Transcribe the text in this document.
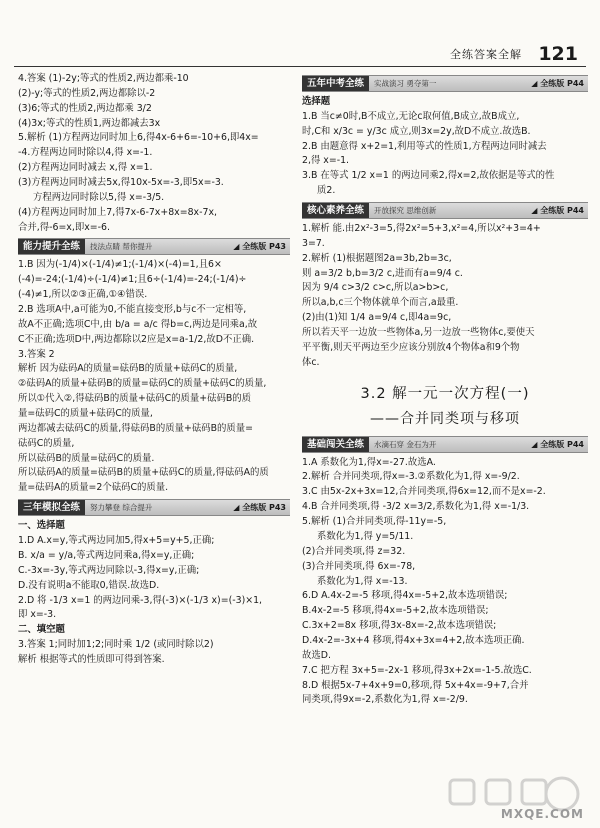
全练答案全解 121

4.答案 (1)-2y;等式的性质2,两边都乘-10

(2)-y;等式的性质2,两边都除以-2

(3)6;等式的性质2,两边都乘 3/2

(4)3x;等式的性质1,两边都减去3x

5.解析 (1)方程两边同时加上6,得4x-6+6=-10+6,即4x=

-4.方程两边同时除以4,得 x=-1.

(2)方程两边同时减去 x,得 x=1.

(3)方程两边同时减去5x,得10x-5x=-3,即5x=-3.

方程两边同时除以5,得 x=-3/5.

(4)方程两边同时加上7,得7x-6-7x+8x=8x-7x,

合并,得-6=x,即x=-6.

能力提升全练 技法点睛 帮你提升	◢ 全练版 P43

1.B 因为(-1/4)×(-1/4)≠1;(-1/4)×(-4)=1,且6×

(-4)=-24;(-1/4)÷(-1/4)≠1;且6÷(-1/4)=-24;(-1/4)÷

(-4)≠1,所以②③正确,①④错误.

2.B 选项A中,a可能为0,不能直接变形,b与c不一定相等,

故A不正确;选项C中,由 b/a = a/c 得b=c,两边是同乘a,故

C不正确;选项D中,两边都除以2应是x=a-1/2,故D不正确.

3.答案 2

解析 因为砝码A的质量=砝码B的质量+砝码C的质量,

②砝码A的质量+砝码B的质量=砝码C的质量+砝码C的质量,

所以①代入②,得砝码B的质量+砝码C的质量+砝码B的质

量=砝码C的质量+砝码C的质量,

两边都减去砝码C的质量,得砝码B的质量+砝码B的质量=

砝码C的质量,

所以砝码B的质量=砝码C的质量.

所以砝码A的质量=砝码B的质量+砝码C的质量,得砝码A的质

量=砝码A的质量=2个砝码C的质量.

三年模拟全练 努力攀登 综合提升	◢ 全练版 P43

一、选择题

1.D A.x=y,等式两边同加5,得x+5=y+5,正确;

B. x/a = y/a,等式两边同乘a,得x=y,正确;

C.-3x=-3y,等式两边同除以-3,得x=y,正确;

D.没有说明a不能取0,错误.故选D.

2.D 将 -1/3 x=1 的两边同乘-3,得(-3)×(-1/3 x)=(-3)×1,

即 x=-3.

二、填空题

3.答案 1;同时加1;2;同时乘 1/2 (或同时除以2)

解析 根据等式的性质即可得到答案.

五年中考全练 实战演习 勇夺第一	◢ 全练版 P44

选择题

1.B 当c≠0时,B不成立,无论c取何值,B成立,故B成立,

时,C和 x/3c = y/3c 成立,则3x=2y,故D不成立.故选B.

2.B 由题意得 x+2=1,利用等式的性质1,方程两边同时减去

2,得 x=-1.

3.B 在等式 1/2 x=1 的两边同乘2,得x=2,故依据是等式的性

质2.

核心素养全练 开放探究 思维创新	◢ 全练版 P44

1.解析 能.由2x²-3=5,得2x²=5+3,x²=4,所以x²+3=4+

3=7.

2.解析 (1)根据题图2a=3b,2b=3c,

则 a=3/2 b,b=3/2 c,进而有a=9/4 c.

因为 9/4 c>3/2 c>c,所以a>b>c,

所以a,b,c三个物体就单个而言,a最重.

(2)由(1)知 1/4 a=9/4 c,即4a=9c,

所以若天平一边放一些物体a,另一边放一些物体c,要使天

平平衡,则天平两边至少应该分别放4个物体a和9个物

体c.

3.2 解一元一次方程(一)
——合并同类项与移项
基础闯关全练 水滴石穿 金石为开	◢ 全练版 P44

1.A 系数化为1,得x=-27.故选A.

2.解析 合并同类项,得x=-3.②系数化为1,得 x=-9/2.

3.C 由5x-2x+3x=12,合并同类项,得6x=12,而不是x=-2.

4.B 合并同类项,得 -3/2 x=3/2,系数化为1,得 x=-1/3.

5.解析 (1)合并同类项,得-11y=-5,

系数化为1,得 y=5/11.

(2)合并同类项,得 z=32.

(3)合并同类项,得 6x=-78,

系数化为1,得 x=-13.

6.D A.4x-2=-5 移项,得4x=-5+2,故本选项错误;

B.4x-2=-5 移项,得4x=-5+2,故本选项错误;

C.3x+2=8x 移项,得3x-8x=-2,故本选项错误;

D.4x-2=-3x+4 移项,得4x+3x=4+2,故本选项正确.

故选D.

7.C 把方程 3x+5=-2x-1 移项,得3x+2x=-1-5.故选C.

8.D 根据5x-7+4x+9=0,移项,得 5x+4x=-9+7,合并

同类项,得9x=-2,系数化为1,得 x=-2/9.

MXQE.COM
